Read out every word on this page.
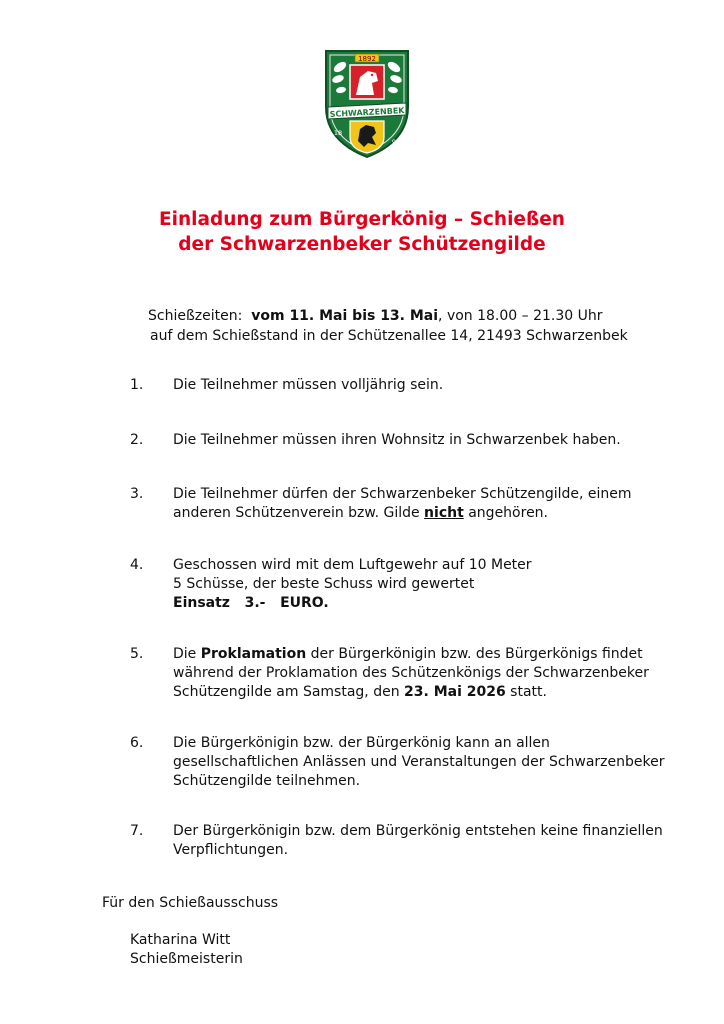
1892
SCHWARZENBEK
18
94
Einladung zum Bürgerkönig – Schießen
der Schwarzenbeker Schützengilde
Schießzeiten: vom 11. Mai bis 13. Mai, von 18.00 – 21.30 Uhr
auf dem Schießstand in der Schützenallee 14, 21493 Schwarzenbek
1. Die Teilnehmer müssen volljährig sein.
2. Die Teilnehmer müssen ihren Wohnsitz in Schwarzenbek haben.
3. Die Teilnehmer dürfen der Schwarzenbeker Schützengilde, einem
anderen Schützenverein bzw. Gilde nicht angehören.
4. Geschossen wird mit dem Luftgewehr auf 10 Meter
5 Schüsse, der beste Schuss wird gewertet
Einsatz   3.-   EURO.
5. Die Proklamation der Bürgerkönigin bzw. des Bürgerkönigs findet
während der Proklamation des Schützenkönigs der Schwarzenbeker
Schützengilde am Samstag, den 23. Mai 2026 statt.
6. Die Bürgerkönigin bzw. der Bürgerkönig kann an allen
gesellschaftlichen Anlässen und Veranstaltungen der Schwarzenbeker
Schützengilde teilnehmen.
7. Der Bürgerkönigin bzw. dem Bürgerkönig entstehen keine finanziellen
Verpflichtungen.
Für den Schießausschuss
Katharina Witt
Schießmeisterin
